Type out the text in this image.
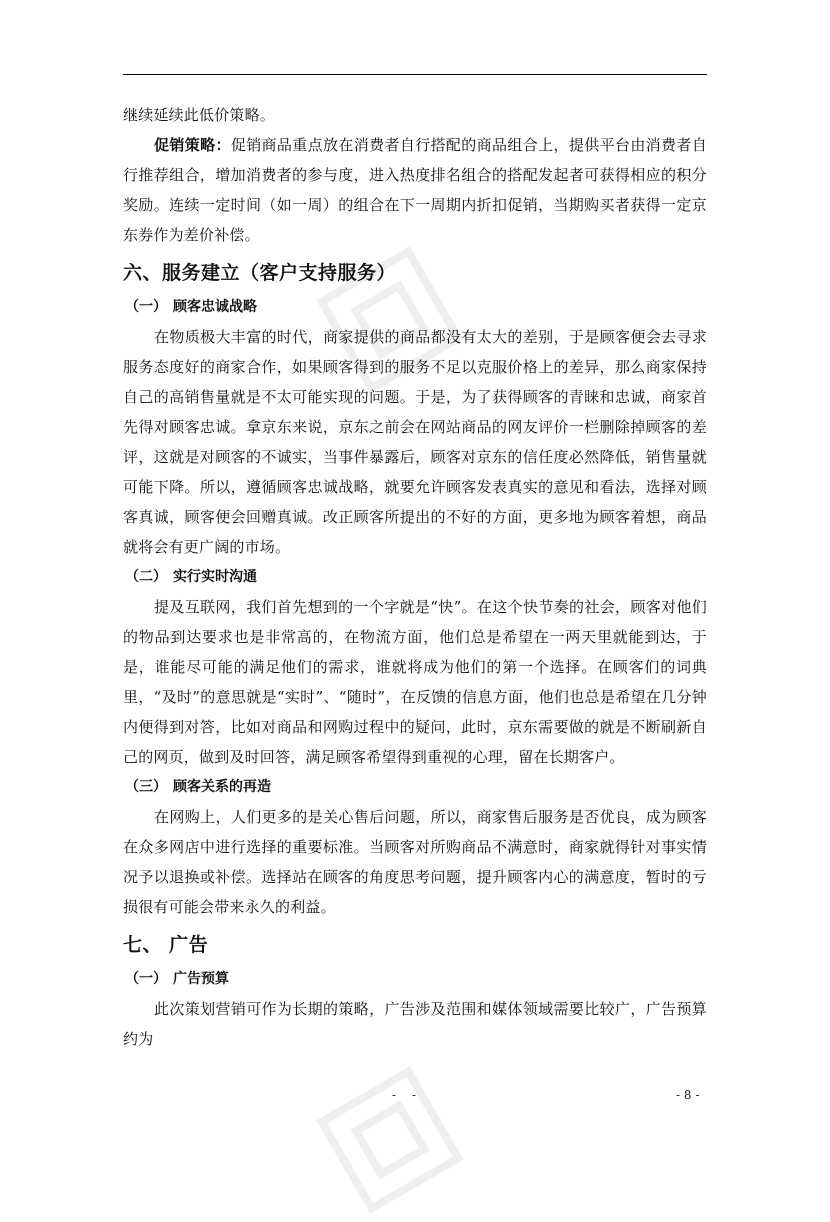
继续延续此低价策略。

促销策略：促销商品重点放在消费者自行搭配的商品组合上，提供平台由消费者自行推荐组合，增加消费者的参与度，进入热度排名组合的搭配发起者可获得相应的积分奖励。连续一定时间（如一周）的组合在下一周期内折扣促销，当期购买者获得一定京东券作为差价补偿。

六、服务建立（客户支持服务）
（一） 顾客忠诚战略

在物质极大丰富的时代，商家提供的商品都没有太大的差别，于是顾客便会去寻求服务态度好的商家合作，如果顾客得到的服务不足以克服价格上的差异，那么商家保持自己的高销售量就是不太可能实现的问题。于是，为了获得顾客的青睐和忠诚，商家首先得对顾客忠诚。拿京东来说，京东之前会在网站商品的网友评价一栏删除掉顾客的差评，这就是对顾客的不诚实，当事件暴露后，顾客对京东的信任度必然降低，销售量就可能下降。所以，遵循顾客忠诚战略，就要允许顾客发表真实的意见和看法，选择对顾客真诚，顾客便会回赠真诚。改正顾客所提出的不好的方面，更多地为顾客着想，商品就将会有更广阔的市场。

（二） 实行实时沟通

提及互联网，我们首先想到的一个字就是“快”。在这个快节奏的社会，顾客对他们的物品到达要求也是非常高的，在物流方面，他们总是希望在一两天里就能到达，于是，谁能尽可能的满足他们的需求，谁就将成为他们的第一个选择。在顾客们的词典里，“及时”的意思就是“实时”、“随时”，在反馈的信息方面，他们也总是希望在几分钟内便得到对答，比如对商品和网购过程中的疑问，此时，京东需要做的就是不断刷新自己的网页，做到及时回答，满足顾客希望得到重视的心理，留在长期客户。

（三） 顾客关系的再造

在网购上，人们更多的是关心售后问题，所以，商家售后服务是否优良，成为顾客在众多网店中进行选择的重要标准。当顾客对所购商品不满意时，商家就得针对事实情况予以退换或补偿。选择站在顾客的角度思考问题，提升顾客内心的满意度，暂时的亏损很有可能会带来永久的利益。

七、 广告
（一） 广告预算

此次策划营销可作为长期的策略，广告涉及范围和媒体领域需要比较广，广告预算约为

- -	- 8 -
